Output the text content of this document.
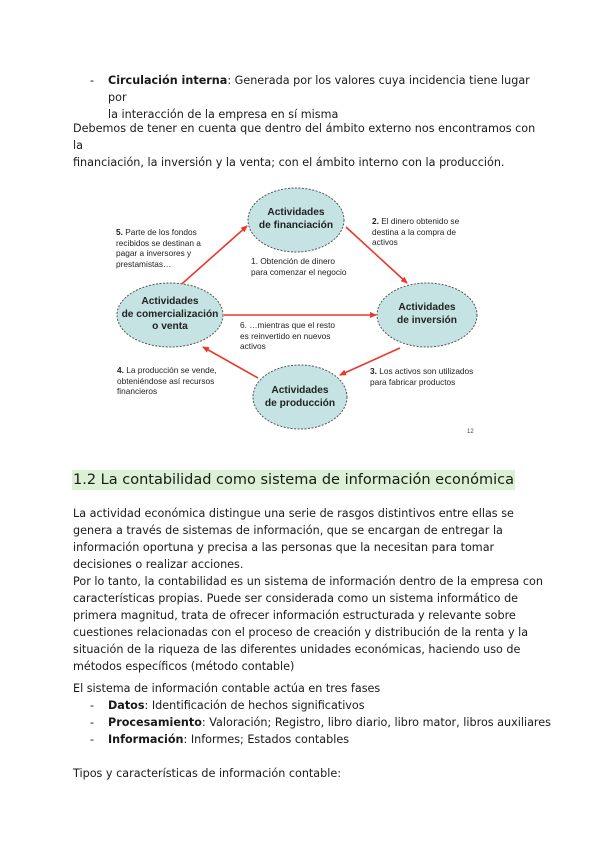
- Circulación interna: Generada por los valores cuya incidencia tiene lugar por
la interacción de la empresa en sí misma
Debemos de tener en cuenta que dentro del ámbito externo nos encontramos con la
financiación, la inversión y la venta; con el ámbito interno con la producción.
Actividades
de financiación
Actividades
de comercialización
o venta
Actividades
de inversión
Actividades
de producción
1. Obtención de dinero
para comenzar el negocio
2. El dinero obtenido se
destina a la compra de
activos
3. Los activos son utilizados
para fabricar productos
4. La producción se vende,
obteniéndose así recursos
financieros
5. Parte de los fondos
recibidos se destinan a
pagar a inversores y
prestamistas…
6. …mientras que el resto
es reinvertido en nuevos
activos
12
1.2 La contabilidad como sistema de información económica
La actividad económica distingue una serie de rasgos distintivos entre ellas se
genera a través de sistemas de información, que se encargan de entregar la
información oportuna y precisa a las personas que la necesitan para tomar
decisiones o realizar acciones.
Por lo tanto, la contabilidad es un sistema de información dentro de la empresa con
características propias. Puede ser considerada como un sistema informático de
primera magnitud, trata de ofrecer información estructurada y relevante sobre
cuestiones relacionadas con el proceso de creación y distribución de la renta y la
situación de la riqueza de las diferentes unidades económicas, haciendo uso de
métodos específicos (método contable)
El sistema de información contable actúa en tres fases
- Datos: Identificación de hechos significativos
- Procesamiento: Valoración; Registro, libro diario, libro mator, libros auxiliares
- Información: Informes; Estados contables
Tipos y características de información contable:
